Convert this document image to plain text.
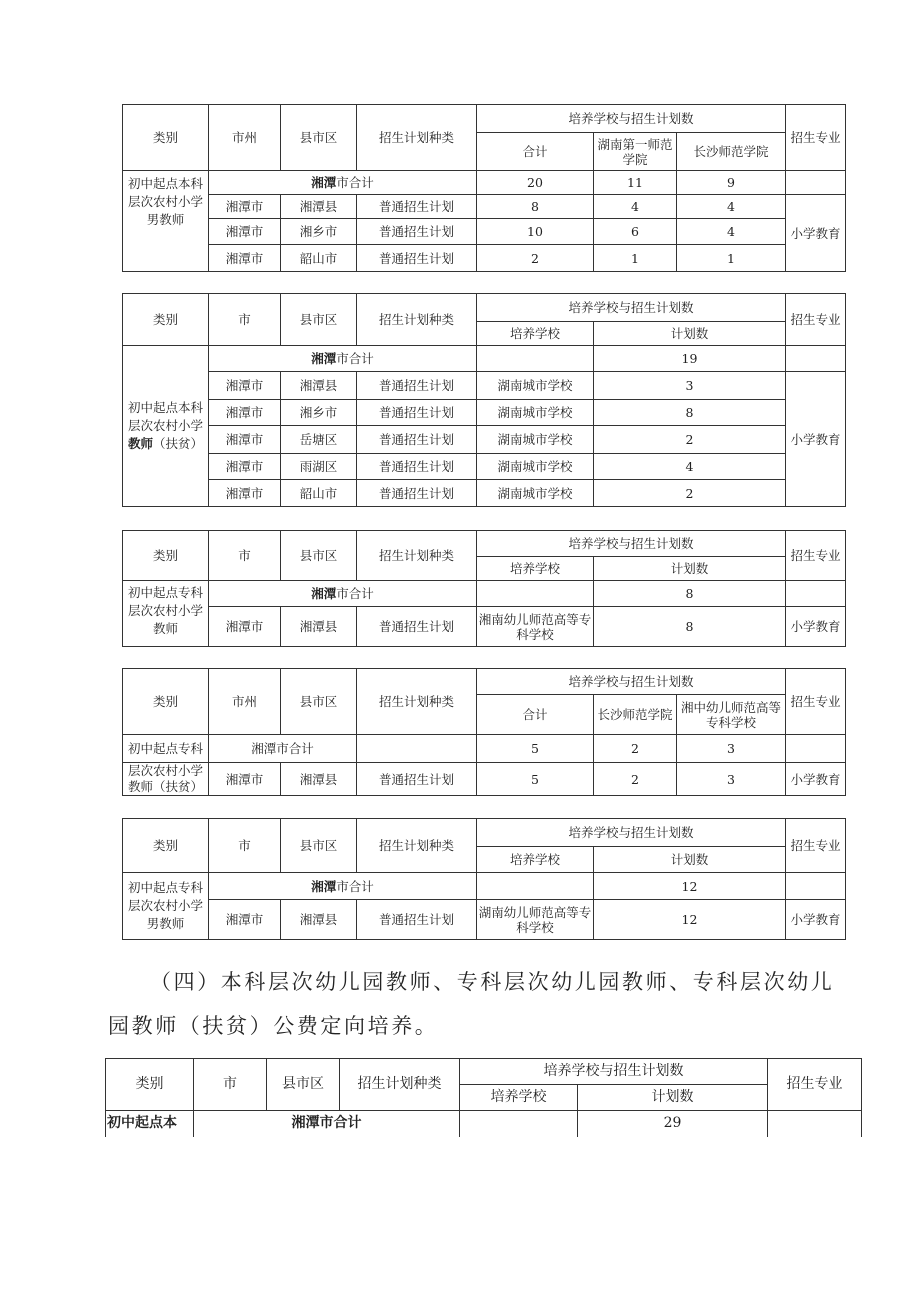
类别	市州	县市区	招生计划种类	培养学校与招生计划数			招生专业
				合计	湖南第一师范学院	长沙师范学院	
初中起点本科层次农村小学男教师	湘潭市合计			20	11	9	
	湘潭市	湘潭县	普通招生计划	8	4	4	小学教育
	湘潭市	湘乡市	普通招生计划	10	6	4	
	湘潭市	韶山市	普通招生计划	2	1	1	
类别	市	县市区	招生计划种类	培养学校与招生计划数		招生专业
				培养学校	计划数	
初中起点本科层次农村小学教师（扶贫）	湘潭市合计				19	
	湘潭市	湘潭县	普通招生计划	湖南城市学校	3	小学教育
	湘潭市	湘乡市	普通招生计划	湖南城市学校	8	
	湘潭市	岳塘区	普通招生计划	湖南城市学校	2	
	湘潭市	雨湖区	普通招生计划	湖南城市学校	4	
	湘潭市	韶山市	普通招生计划	湖南城市学校	2	
类别	市	县市区	招生计划种类	培养学校与招生计划数		招生专业
				培养学校	计划数	
初中起点专科层次农村小学教师	湘潭市合计				8	
	湘潭市	湘潭县	普通招生计划	湘南幼儿师范高等专科学校	8	小学教育
类别	市州	县市区	招生计划种类	培养学校与招生计划数			招生专业
				合计	长沙师范学院	湘中幼儿师范高等专科学校	
初中起点专科	湘潭市合计			5	2	3	
层次农村小学教师（扶贫）	湘潭市	湘潭县	普通招生计划	5	2	3	小学教育
类别	市	县市区	招生计划种类	培养学校与招生计划数		招生专业
				培养学校	计划数	
初中起点专科层次农村小学男教师	湘潭市合计				12	
	湘潭市	湘潭县	普通招生计划	湖南幼儿师范高等专科学校	12	小学教育

（四）本科层次幼儿园教师、专科层次幼儿园教师、专科层次幼儿园教师（扶贫）公费定向培养。

类别	市	县市区	招生计划种类	培养学校与招生计划数		招生专业
				培养学校	计划数	
初中起点本	湘潭市合计				29	
